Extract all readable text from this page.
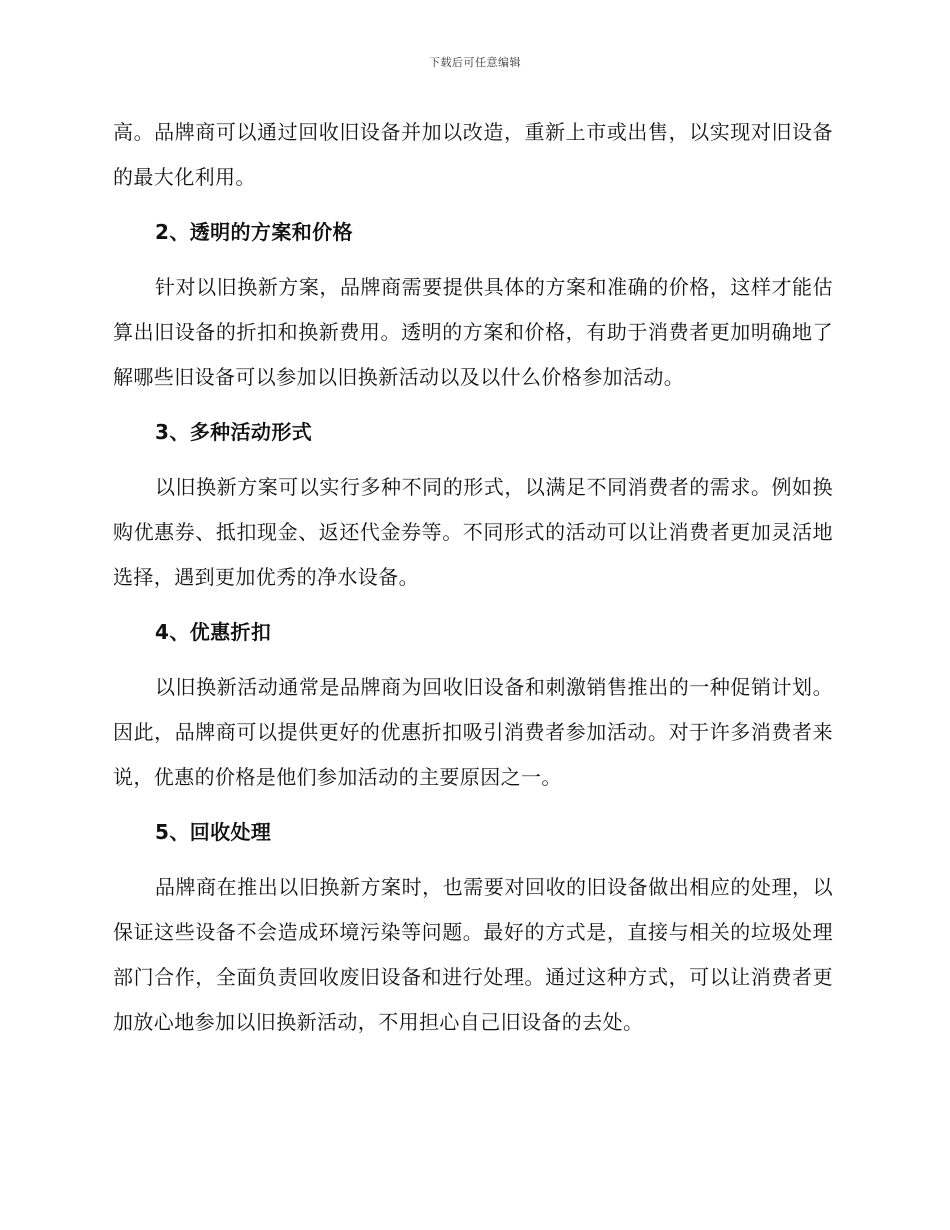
下载后可任意编辑

高。品牌商可以通过回收旧设备并加以改造，重新上市或出售，以实现对旧设备的最大化利用。

2、透明的方案和价格

针对以旧换新方案，品牌商需要提供具体的方案和准确的价格，这样才能估算出旧设备的折扣和换新费用。透明的方案和价格，有助于消费者更加明确地了解哪些旧设备可以参加以旧换新活动以及以什么价格参加活动。

3、多种活动形式

以旧换新方案可以实行多种不同的形式，以满足不同消费者的需求。例如换购优惠券、抵扣现金、返还代金券等。不同形式的活动可以让消费者更加灵活地选择，遇到更加优秀的净水设备。

4、优惠折扣

以旧换新活动通常是品牌商为回收旧设备和刺激销售推出的一种促销计划。因此，品牌商可以提供更好的优惠折扣吸引消费者参加活动。对于许多消费者来说，优惠的价格是他们参加活动的主要原因之一。

5、回收处理

品牌商在推出以旧换新方案时，也需要对回收的旧设备做出相应的处理，以保证这些设备不会造成环境污染等问题。最好的方式是，直接与相关的垃圾处理部门合作，全面负责回收废旧设备和进行处理。通过这种方式，可以让消费者更加放心地参加以旧换新活动，不用担心自己旧设备的去处。
